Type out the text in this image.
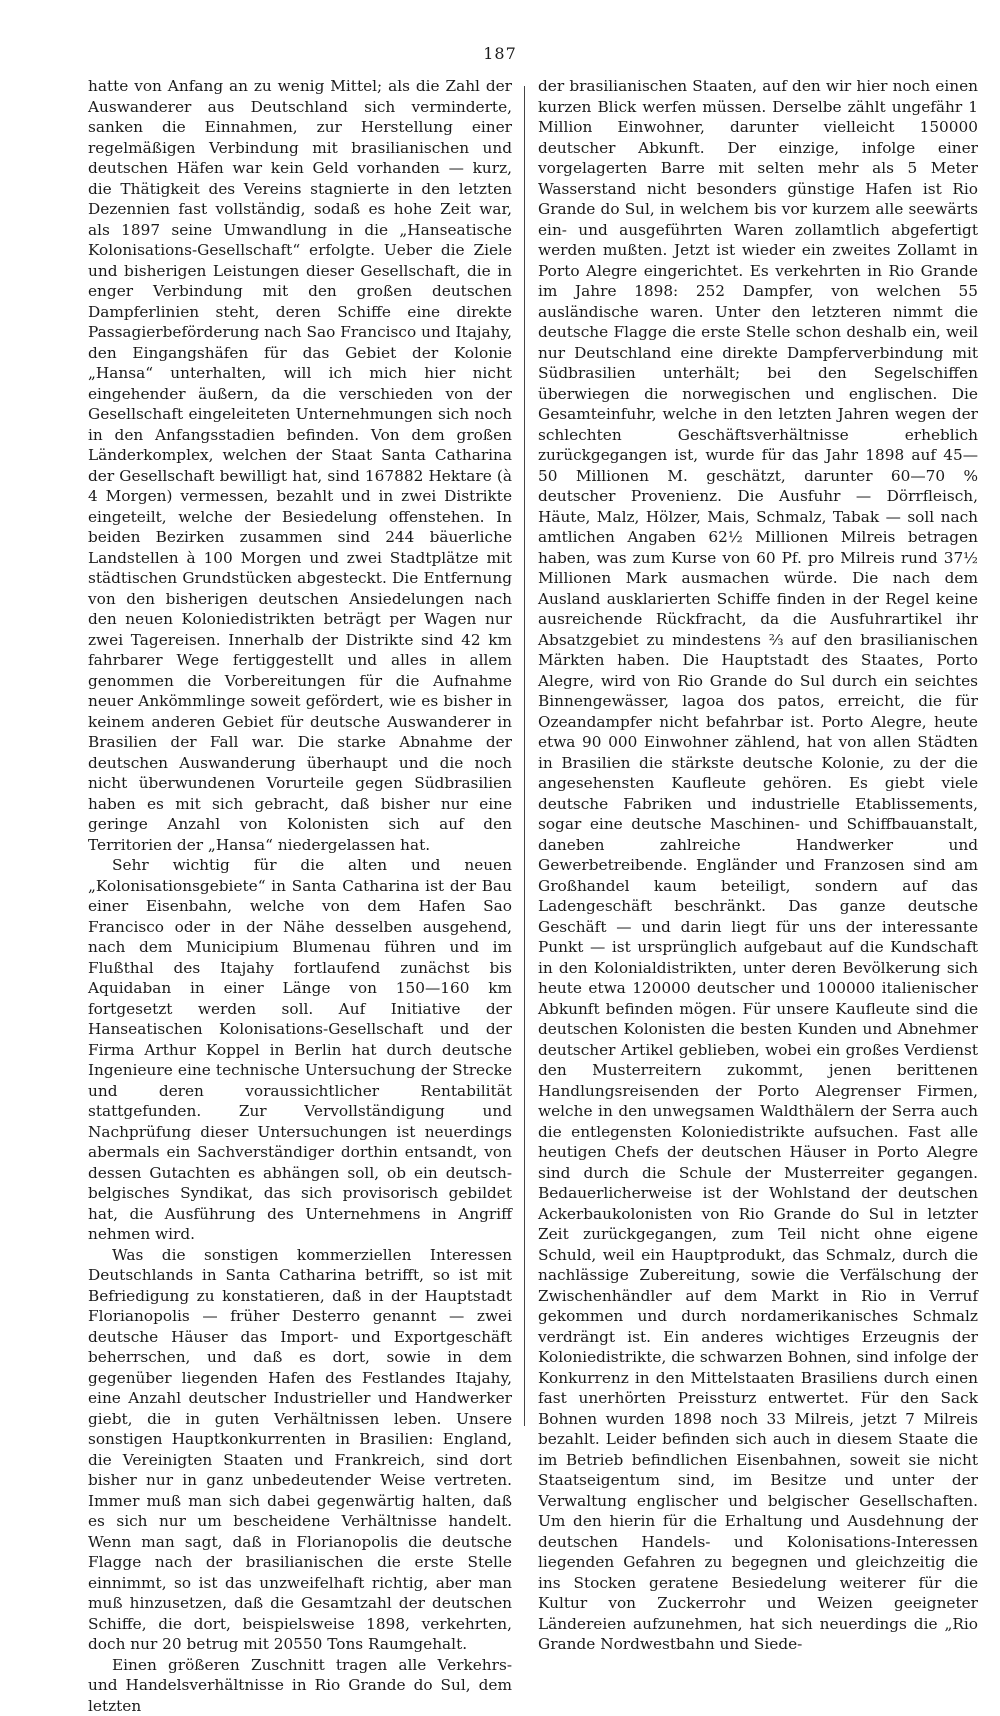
187

hatte von Anfang an zu wenig Mittel; als die Zahl der Auswanderer aus Deutschland sich verminderte, sanken die Einnahmen, zur Herstellung einer regelmäßigen Verbindung mit brasilianischen und deutschen Häfen war kein Geld vorhanden — kurz, die Thätigkeit des Vereins stagnierte in den letzten Dezennien fast vollständig, sodaß es hohe Zeit war, als 1897 seine Umwandlung in die „Hanseatische Kolonisations-Gesellschaft“ erfolgte. Ueber die Ziele und bisherigen Leistungen dieser Gesellschaft, die in enger Verbindung mit den großen deutschen Dampferlinien steht, deren Schiffe eine direkte Passagierbeförderung nach Sao Francisco und Itajahy, den Eingangshäfen für das Gebiet der Kolonie „Hansa“ unterhalten, will ich mich hier nicht eingehender äußern, da die verschieden von der Gesellschaft eingeleiteten Unternehmungen sich noch in den Anfangsstadien befinden. Von dem großen Länderkomplex, welchen der Staat Santa Catharina der Gesellschaft bewilligt hat, sind 167882 Hektare (à 4 Morgen) vermessen, bezahlt und in zwei Distrikte eingeteilt, welche der Besiedelung offenstehen. In beiden Bezirken zusammen sind 244 bäuerliche Landstellen à 100 Morgen und zwei Stadtplätze mit städtischen Grundstücken abgesteckt. Die Entfernung von den bisherigen deutschen Ansiedelungen nach den neuen Koloniedistrikten beträgt per Wagen nur zwei Tagereisen. Innerhalb der Distrikte sind 42 km fahrbarer Wege fertiggestellt und alles in allem genommen die Vorbereitungen für die Aufnahme neuer Ankömmlinge soweit gefördert, wie es bisher in keinem anderen Gebiet für deutsche Auswanderer in Brasilien der Fall war. Die starke Abnahme der deutschen Auswanderung überhaupt und die noch nicht überwundenen Vorurteile gegen Südbrasilien haben es mit sich gebracht, daß bisher nur eine geringe Anzahl von Kolonisten sich auf den Territorien der „Hansa“ niedergelassen hat.

Sehr wichtig für die alten und neuen „Kolonisationsgebiete“ in Santa Catharina ist der Bau einer Eisenbahn, welche von dem Hafen Sao Francisco oder in der Nähe desselben ausgehend, nach dem Municipium Blumenau führen und im Flußthal des Itajahy fortlaufend zunächst bis Aquidaban in einer Länge von 150—160 km fortgesetzt werden soll. Auf Initiative der Hanseatischen Kolonisations-Gesellschaft und der Firma Arthur Koppel in Berlin hat durch deutsche Ingenieure eine technische Untersuchung der Strecke und deren voraussichtlicher Rentabilität stattgefunden. Zur Vervollständigung und Nachprüfung dieser Untersuchungen ist neuerdings abermals ein Sachverständiger dorthin entsandt, von dessen Gutachten es abhängen soll, ob ein deutsch-belgisches Syndikat, das sich provisorisch gebildet hat, die Ausführung des Unternehmens in Angriff nehmen wird.

Was die sonstigen kommerziellen Interessen Deutschlands in Santa Catharina betrifft, so ist mit Befriedigung zu konstatieren, daß in der Hauptstadt Florianopolis — früher Desterro genannt — zwei deutsche Häuser das Import- und Exportgeschäft beherrschen, und daß es dort, sowie in dem gegenüber liegenden Hafen des Festlandes Itajahy, eine Anzahl deutscher Industrieller und Handwerker giebt, die in guten Verhältnissen leben. Unsere sonstigen Hauptkonkurrenten in Brasilien: England, die Vereinigten Staaten und Frankreich, sind dort bisher nur in ganz unbedeutender Weise vertreten. Immer muß man sich dabei gegenwärtig halten, daß es sich nur um bescheidene Verhältnisse handelt. Wenn man sagt, daß in Florianopolis die deutsche Flagge nach der brasilianischen die erste Stelle einnimmt, so ist das unzweifelhaft richtig, aber man muß hinzusetzen, daß die Gesamtzahl der deutschen Schiffe, die dort, beispielsweise 1898, verkehrten, doch nur 20 betrug mit 20550 Tons Raumgehalt.

Einen größeren Zuschnitt tragen alle Verkehrs- und Handelsverhältnisse in Rio Grande do Sul, dem letzten

der brasilianischen Staaten, auf den wir hier noch einen kurzen Blick werfen müssen. Derselbe zählt ungefähr 1 Million Einwohner, darunter vielleicht 150000 deutscher Abkunft. Der einzige, infolge einer vorgelagerten Barre mit selten mehr als 5 Meter Wasserstand nicht besonders günstige Hafen ist Rio Grande do Sul, in welchem bis vor kurzem alle seewärts ein- und ausgeführten Waren zollamtlich abgefertigt werden mußten. Jetzt ist wieder ein zweites Zollamt in Porto Alegre eingerichtet. Es verkehrten in Rio Grande im Jahre 1898: 252 Dampfer, von welchen 55 ausländische waren. Unter den letzteren nimmt die deutsche Flagge die erste Stelle schon deshalb ein, weil nur Deutschland eine direkte Dampferverbindung mit Südbrasilien unterhält; bei den Segelschiffen überwiegen die norwegischen und englischen. Die Gesamteinfuhr, welche in den letzten Jahren wegen der schlechten Geschäftsverhältnisse erheblich zurückgegangen ist, wurde für das Jahr 1898 auf 45—50 Millionen M. geschätzt, darunter 60—70 % deutscher Provenienz. Die Ausfuhr — Dörrfleisch, Häute, Malz, Hölzer, Mais, Schmalz, Tabak — soll nach amtlichen Angaben 62½ Millionen Milreis betragen haben, was zum Kurse von 60 Pf. pro Milreis rund 37½ Millionen Mark ausmachen würde. Die nach dem Ausland ausklarierten Schiffe finden in der Regel keine ausreichende Rückfracht, da die Ausfuhrartikel ihr Absatzgebiet zu mindestens ⅔ auf den brasilianischen Märkten haben. Die Hauptstadt des Staates, Porto Alegre, wird von Rio Grande do Sul durch ein seichtes Binnengewässer, lagoa dos patos, erreicht, die für Ozeandampfer nicht befahrbar ist. Porto Alegre, heute etwa 90 000 Einwohner zählend, hat von allen Städten in Brasilien die stärkste deutsche Kolonie, zu der die angesehensten Kaufleute gehören. Es giebt viele deutsche Fabriken und industrielle Etablissements, sogar eine deutsche Maschinen- und Schiffbauanstalt, daneben zahlreiche Handwerker und Gewerbetreibende. Engländer und Franzosen sind am Großhandel kaum beteiligt, sondern auf das Ladengeschäft beschränkt. Das ganze deutsche Geschäft — und darin liegt für uns der interessante Punkt — ist ursprünglich aufgebaut auf die Kundschaft in den Kolonialdistrikten, unter deren Bevölkerung sich heute etwa 120000 deutscher und 100000 italienischer Abkunft befinden mögen. Für unsere Kaufleute sind die deutschen Kolonisten die besten Kunden und Abnehmer deutscher Artikel geblieben, wobei ein großes Verdienst den Musterreitern zukommt, jenen berittenen Handlungsreisenden der Porto Alegrenser Firmen, welche in den unwegsamen Waldthälern der Serra auch die entlegensten Koloniedistrikte aufsuchen. Fast alle heutigen Chefs der deutschen Häuser in Porto Alegre sind durch die Schule der Musterreiter gegangen. Bedauerlicherweise ist der Wohlstand der deutschen Ackerbaukolonisten von Rio Grande do Sul in letzter Zeit zurückgegangen, zum Teil nicht ohne eigene Schuld, weil ein Hauptprodukt, das Schmalz, durch die nachlässige Zubereitung, sowie die Verfälschung der Zwischenhändler auf dem Markt in Rio in Verruf gekommen und durch nordamerikanisches Schmalz verdrängt ist. Ein anderes wichtiges Erzeugnis der Koloniedistrikte, die schwarzen Bohnen, sind infolge der Konkurrenz in den Mittelstaaten Brasiliens durch einen fast unerhörten Preissturz entwertet. Für den Sack Bohnen wurden 1898 noch 33 Milreis, jetzt 7 Milreis bezahlt. Leider befinden sich auch in diesem Staate die im Betrieb befindlichen Eisenbahnen, soweit sie nicht Staatseigentum sind, im Besitze und unter der Verwaltung englischer und belgischer Gesellschaften. Um den hierin für die Erhaltung und Ausdehnung der deutschen Handels- und Kolonisations-Interessen liegenden Gefahren zu begegnen und gleichzeitig die ins Stocken geratene Besiedelung weiterer für die Kultur von Zuckerrohr und Weizen geeigneter Ländereien aufzunehmen, hat sich neuerdings die „Rio Grande Nordwestbahn und Siede-
